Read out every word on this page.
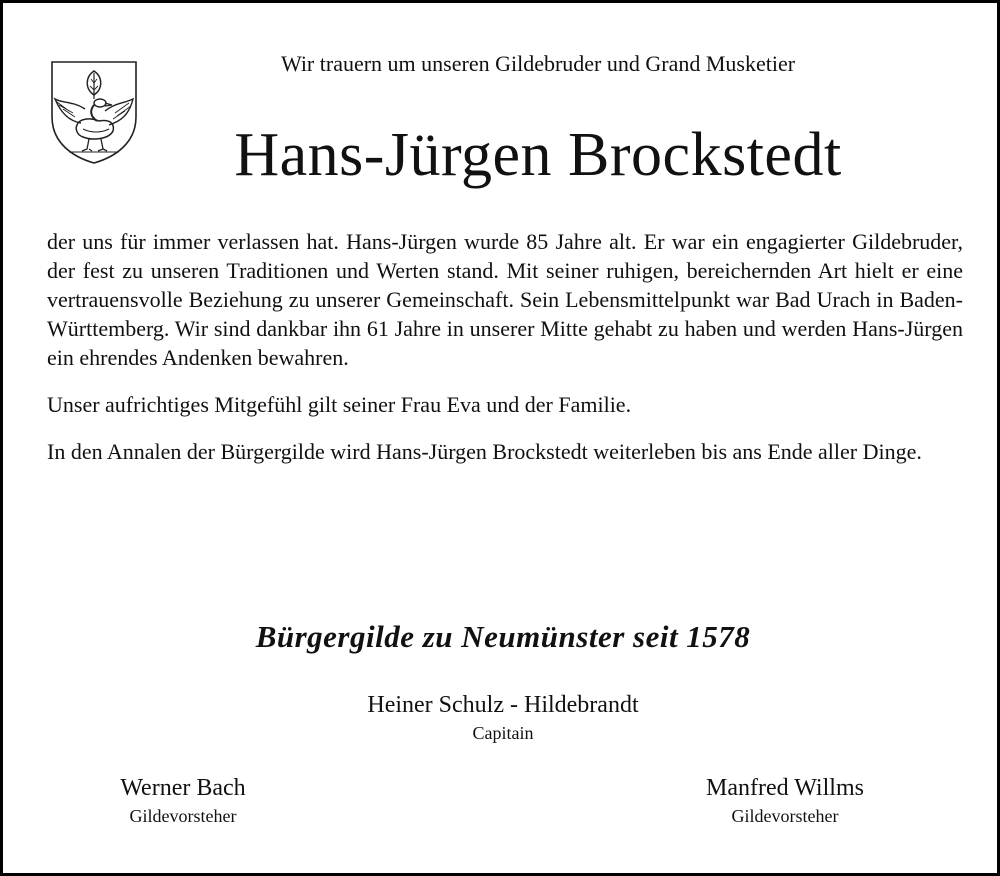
Wir trauern um unseren Gildebruder und Grand Musketier
Hans-Jürgen Brockstedt

der uns für immer verlassen hat. Hans-Jürgen wurde 85 Jahre alt. Er war ein engagierter Gildebruder, der fest zu unseren Traditionen und Werten stand. Mit seiner ruhigen, bereichernden Art hielt er eine vertrauensvolle Beziehung zu unserer Gemeinschaft. Sein Lebensmittelpunkt war Bad Urach in Baden-Württemberg. Wir sind dankbar ihn 61 Jahre in unserer Mitte gehabt zu haben und werden Hans-Jürgen ein ehrendes Andenken bewahren.

Unser aufrichtiges Mitgefühl gilt seiner Frau Eva und der Familie.

In den Annalen der Bürgergilde wird Hans-Jürgen Brockstedt weiterleben bis ans Ende aller Dinge.

Bürgergilde zu Neumünster seit 1578
Heiner Schulz - Hildebrandt
Capitain
Werner Bach
Gildevorsteher
Manfred Willms
Gildevorsteher
